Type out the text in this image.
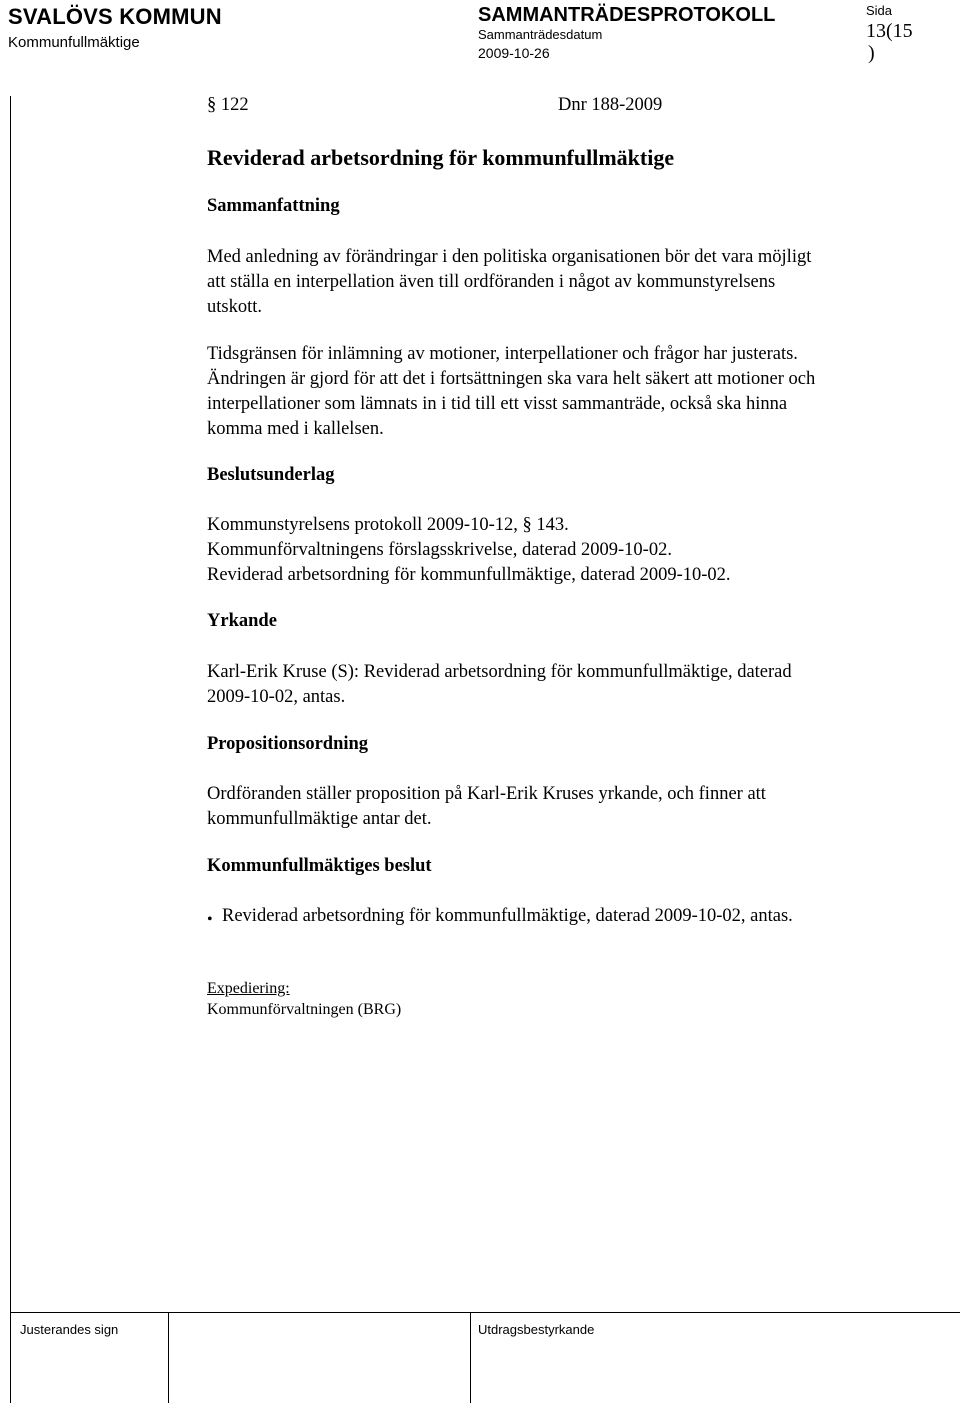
SVALÖVS KOMMUN
Kommunfullmäktige
SAMMANTRÄDESPROTOKOLL
Sammanträdesdatum
2009-10-26
Sida
13(15
)
§ 122	Dnr 188-2009
Reviderad arbetsordning för kommunfullmäktige
Sammanfattning
Med anledning av förändringar i den politiska organisationen bör det vara möjligt
att ställa en interpellation även till ordföranden i något av kommunstyrelsens
utskott.
Tidsgränsen för inlämning av motioner, interpellationer och frågor har justerats.
Ändringen är gjord för att det i fortsättningen ska vara helt säkert att motioner och
interpellationer som lämnats in i tid till ett visst sammanträde, också ska hinna
komma med i kallelsen.
Beslutsunderlag
Kommunstyrelsens protokoll 2009-10-12, § 143.
Kommunförvaltningens förslagsskrivelse, daterad 2009-10-02.
Reviderad arbetsordning för kommunfullmäktige, daterad 2009-10-02.
Yrkande
Karl-Erik Kruse (S): Reviderad arbetsordning för kommunfullmäktige, daterad
2009-10-02, antas.
Propositionsordning
Ordföranden ställer proposition på Karl-Erik Kruses yrkande, och finner att
kommunfullmäktige antar det.
Kommunfullmäktiges beslut
• Reviderad arbetsordning för kommunfullmäktige, daterad 2009-10-02, antas.
Expediering:
Kommunförvaltningen (BRG)
Justerandes sign	Utdragsbestyrkande
